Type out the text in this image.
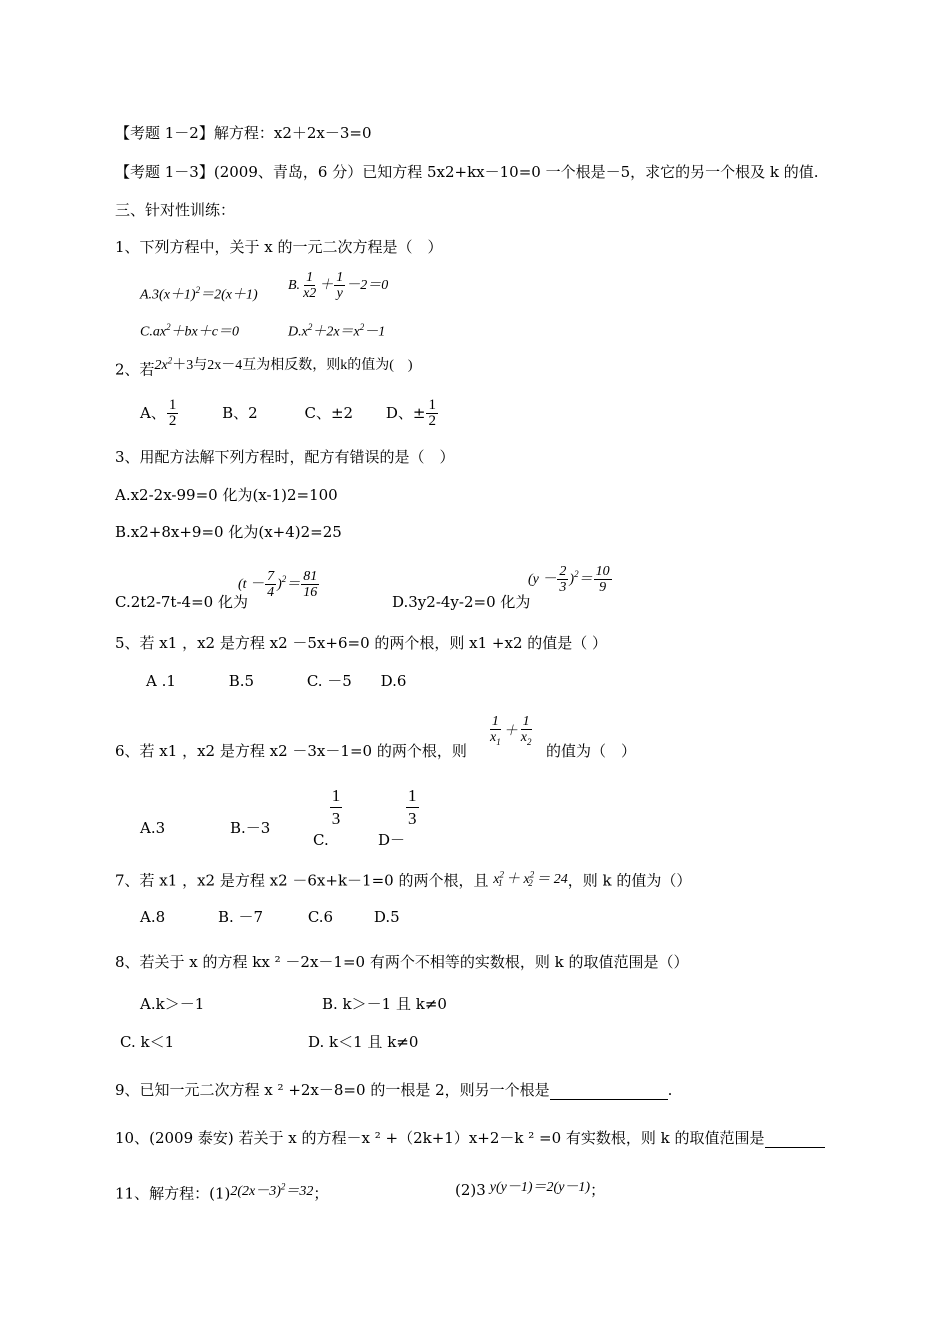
【考题 1－2】解方程：x2＋2x－3=0
【考题 1－3】(2009、青岛，6 分）已知方程 5x2+kx－10=0 一个根是－5，求它的另一个根及 k 的值.
三、针对性训练：
1、下列方程中，关于 x 的一元二次方程是（　）
$A.3(x+1)^2=2(x+1)$
B. $\frac{1}{x2} + \frac{1}{y} -2=0$
$C.ax^2+bx+c=0$	$D.x^2+2x=x^2-1$
2、若$2x^2+3$与2x－4互为相反数，则k的值为(　)
A、 $\frac{1}{2}$	B、2	C、±2 D、± $\frac{1}{2}$
3、用配方法解下列方程时，配方有错误的是（　）
A.x2-2x-99=0 化为(x-1)2=100
B.x2+8x+9=0 化为(x+4)2=25
C.2t2-7t-4=0 化为
$(t - \frac{7}{4} )^2= \frac{81}{16}$
D.3y2-4y-2=0 化为
$(y - \frac{2}{3} )^2= \frac{10}{9}$
5、若 x1 ，x2 是方程 x2 －5x+6=0 的两个根，则 x1 +x2 的值是（ ）
A .1	B.5	C. －5 D.6
6、若 x1 ，x2 是方程 x2 －3x－1=0 的两个根，则
$\frac{1}{x_1} + \frac{1}{x_2}$
的值为（　）
A.3	B.－3
C.
$\frac{1}{3}$
D－
$\frac{1}{3}$
7、若 x1 ，x2 是方程 x2 －6x+k－1=0 的两个根，且 $x^2_1 + x^2_2 = 24$，则 k 的值为（）
A.8	B. －7	C.6	D.5
8、若关于 x 的方程 kx ² －2x－1=0 有两个不相等的实数根，则 k 的取值范围是（）
A.k＞－1	B. k＞－1 且 k≠0
C. k＜1	D. k＜1 且 k≠0
9、已知一元二次方程 x ² +2x－8=0 的一根是 2，则另一个根是	.
10、(2009 泰安) 若关于 x 的方程－x ² +（2k+1）x+2－k ² =0 有实数根，则 k 的取值范围是
11、解方程：$(1)2(2x-3)^2=32$；	(2)3 y(y－1)＝2(y－1)；
